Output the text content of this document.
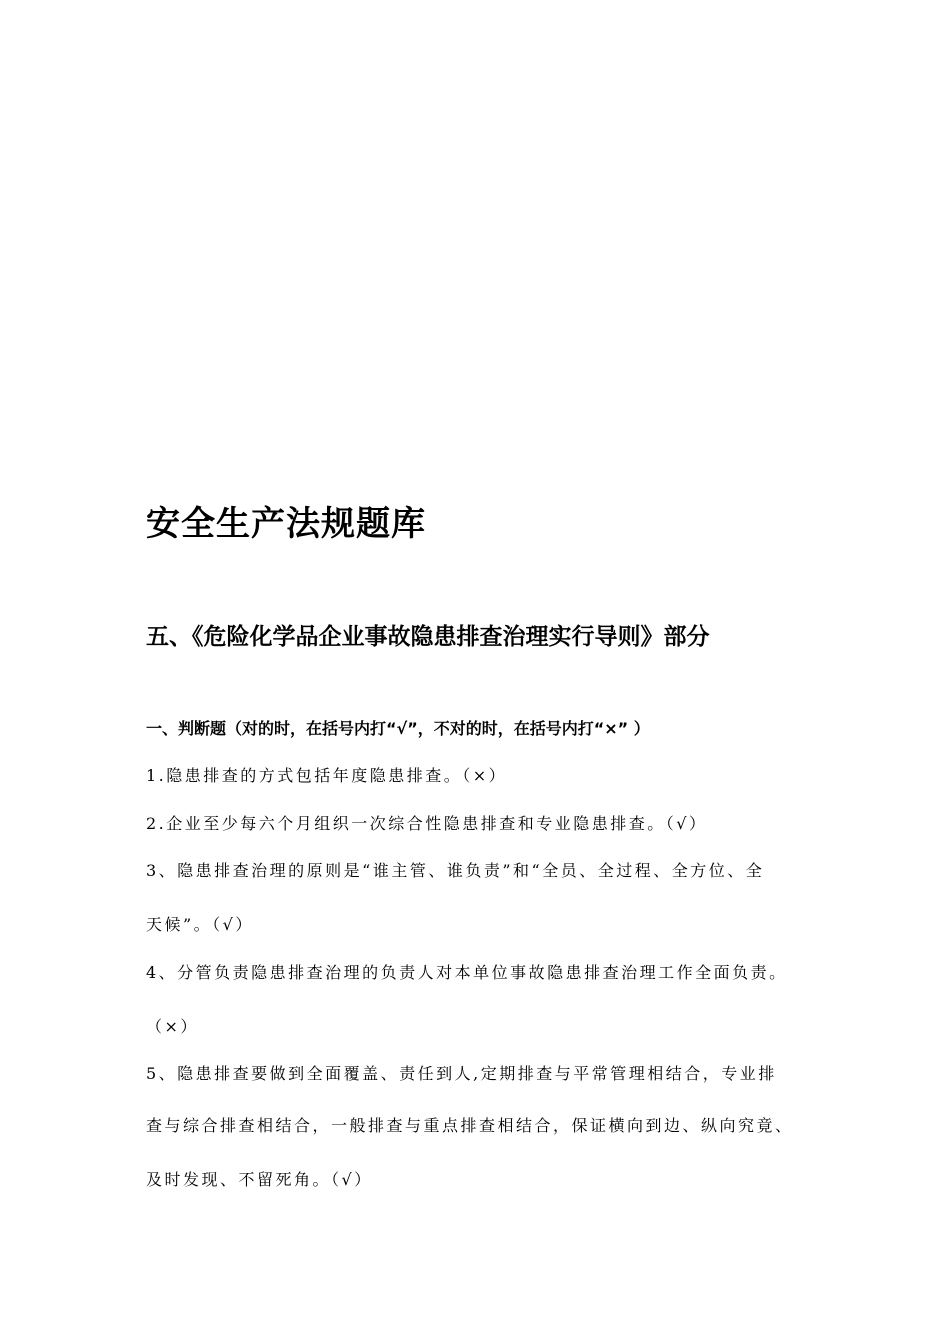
安全生产法规题库
五、《危险化学品企业事故隐患排查治理实行导则》部分
一、判断题（对的时，在括号内打“√”，不对的时，在括号内打“×” ）
1.隐患排查的方式包括年度隐患排查。（×）
2.企业至少每六个月组织一次综合性隐患排查和专业隐患排查。（√）
3、隐患排查治理的原则是“谁主管、谁负责”和“全员、全过程、全方位、全
天候”。（√）
4、分管负责隐患排查治理的负责人对本单位事故隐患排查治理工作全面负责。
（×）
5、隐患排查要做到全面覆盖、责任到人,定期排查与平常管理相结合，专业排
查与综合排查相结合，一般排查与重点排查相结合，保证横向到边、纵向究竟、
及时发现、不留死角。（√）
